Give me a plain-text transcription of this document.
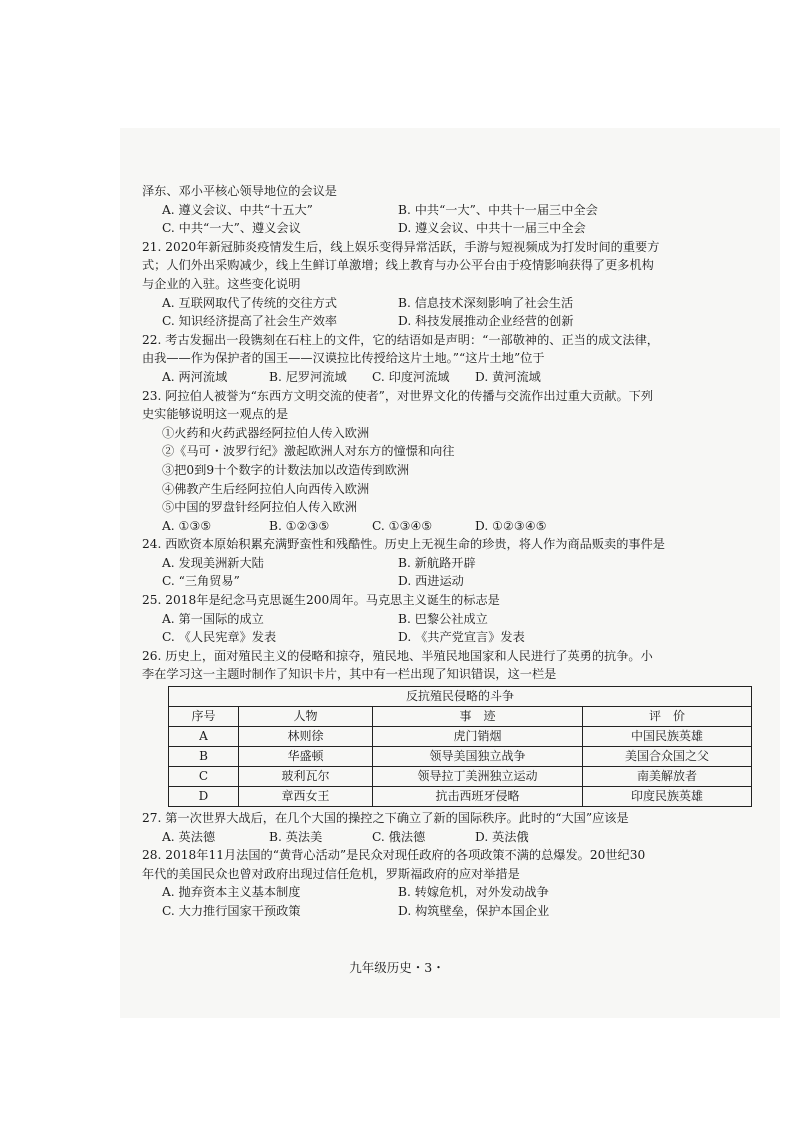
泽东、邓小平核心领导地位的会议是
A. 遵义会议、中共“十五大”	B. 中共“一大”、中共十一届三中全会
C. 中共“一大”、遵义会议	D. 遵义会议、中共十一届三中全会
21. 2020年新冠肺炎疫情发生后，线上娱乐变得异常活跃，手游与短视频成为打发时间的重要方
式；人们外出采购减少，线上生鲜订单激增；线上教育与办公平台由于疫情影响获得了更多机构
与企业的入驻。这些变化说明
A. 互联网取代了传统的交往方式	B. 信息技术深刻影响了社会生活
C. 知识经济提高了社会生产效率	D. 科技发展推动企业经营的创新
22. 考古发掘出一段镌刻在石柱上的文件，它的结语如是声明：“一部敬神的、正当的成文法律，
由我——作为保护者的国王——汉谟拉比传授给这片土地。”“这片土地”位于
A. 两河流域	B. 尼罗河流域	C. 印度河流域	D. 黄河流域
23. 阿拉伯人被誉为“东西方文明交流的使者”，对世界文化的传播与交流作出过重大贡献。下列
史实能够说明这一观点的是
①火药和火药武器经阿拉伯人传入欧洲
②《马可・波罗行纪》激起欧洲人对东方的憧憬和向往
③把0到9十个数字的计数法加以改造传到欧洲
④佛教产生后经阿拉伯人向西传入欧洲
⑤中国的罗盘针经阿拉伯人传入欧洲
A. ①③⑤	B. ①②③⑤	C. ①③④⑤	D. ①②③④⑤
24. 西欧资本原始积累充满野蛮性和残酷性。历史上无视生命的珍贵，将人作为商品贩卖的事件是
A. 发现美洲新大陆	B. 新航路开辟
C. “三角贸易”	D. 西进运动
25. 2018年是纪念马克思诞生200周年。马克思主义诞生的标志是
A. 第一国际的成立	B. 巴黎公社成立
C. 《人民宪章》发表	D. 《共产党宣言》发表
26. 历史上，面对殖民主义的侵略和掠夺，殖民地、半殖民地国家和人民进行了英勇的抗争。小
李在学习这一主题时制作了知识卡片，其中有一栏出现了知识错误，这一栏是
反抗殖民侵略的斗争			
序号	人物	事　迹	评　价
A	林则徐	虎门销烟	中国民族英雄
B	华盛顿	领导美国独立战争	美国合众国之父
C	玻利瓦尔	领导拉丁美洲独立运动	南美解放者
D	章西女王	抗击西班牙侵略	印度民族英雄
27. 第一次世界大战后，在几个大国的操控之下确立了新的国际秩序。此时的“大国”应该是
A. 英法德	B. 英法美	C. 俄法德	D. 英法俄
28. 2018年11月法国的“黄背心活动”是民众对现任政府的各项政策不满的总爆发。20世纪30
年代的美国民众也曾对政府出现过信任危机，罗斯福政府的应对举措是
A. 抛弃资本主义基本制度	B. 转嫁危机，对外发动战争
C. 大力推行国家干预政策	D. 构筑壁垒，保护本国企业
九年级历史・3・
